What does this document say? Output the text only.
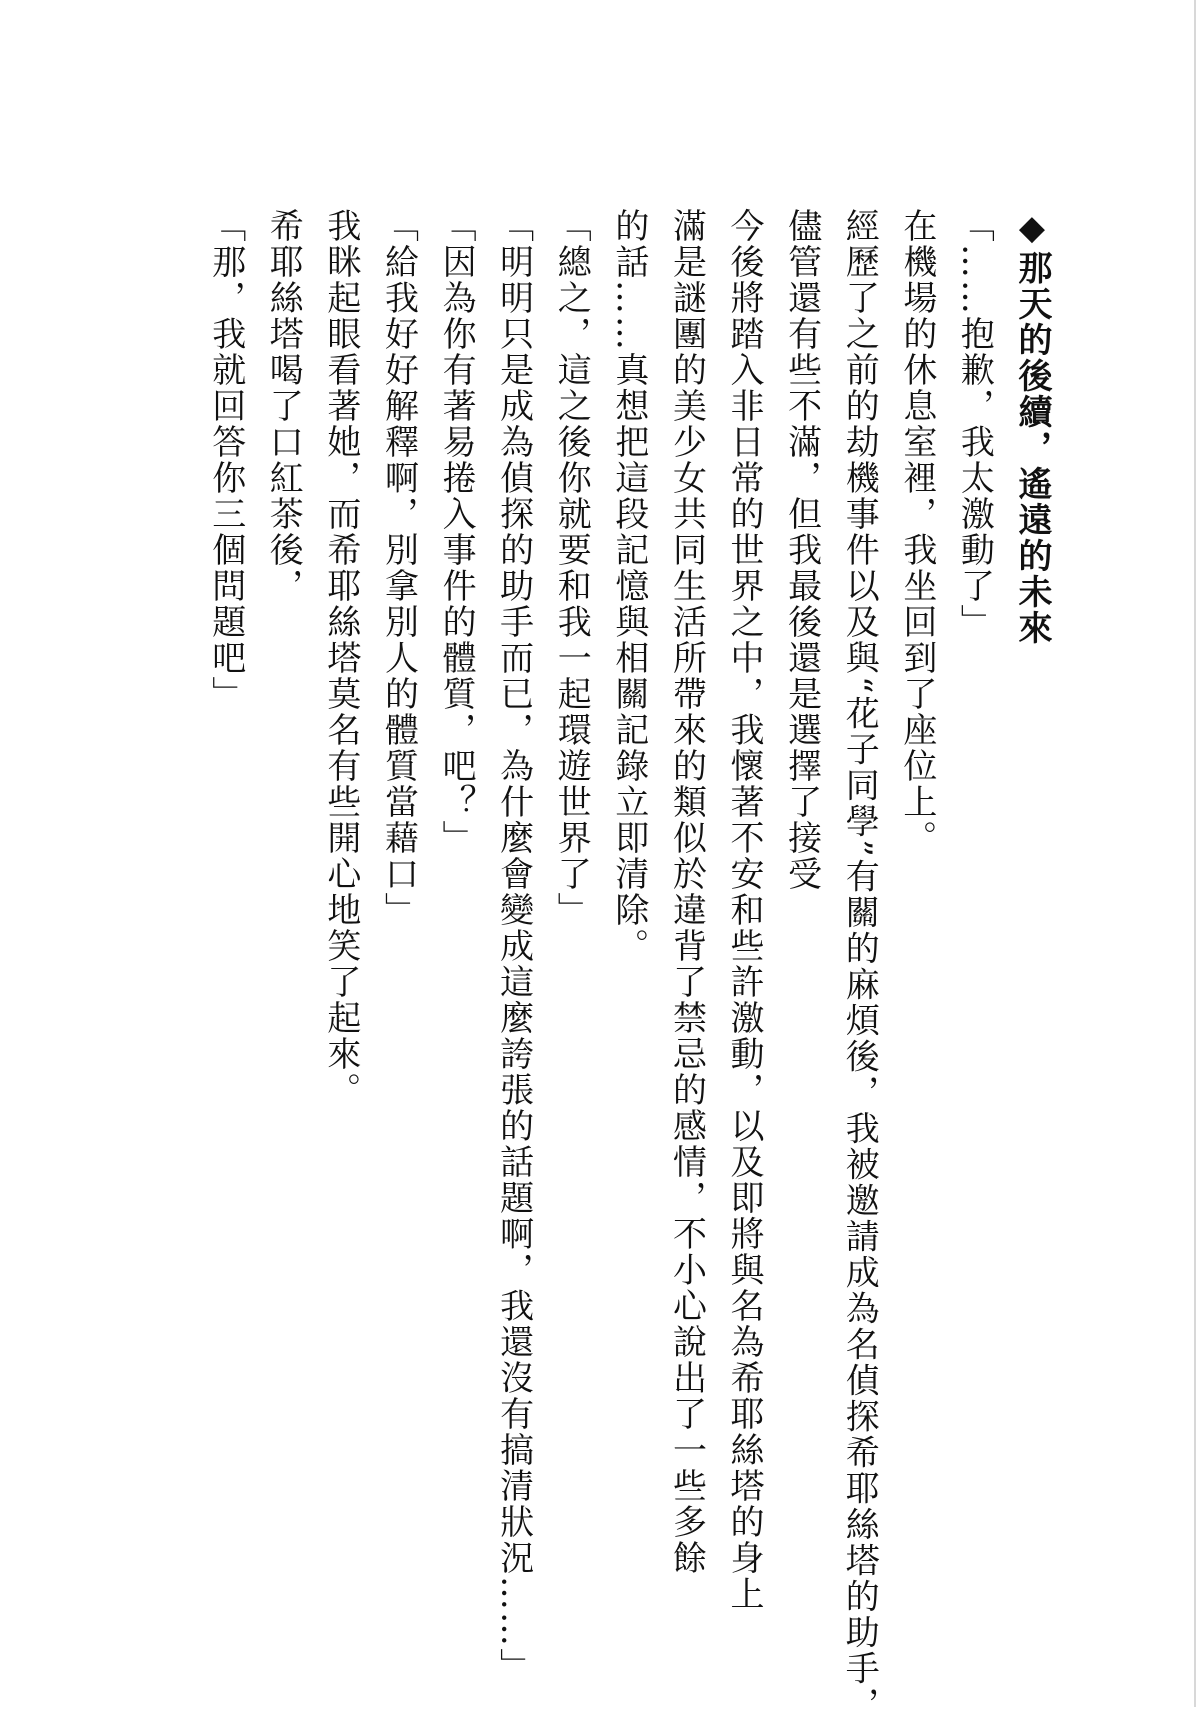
◆那天的後續，遙遠的未來

「……抱歉，我太激動了」

在機場的休息室裡，我坐回到了座位上。

經歷了之前的劫機事件以及與“花子同學”有關的麻煩後，我被邀請成為名偵探希耶絲塔的助手，

儘管還有些不滿，但我最後還是選擇了接受

今後將踏入非日常的世界之中，我懷著不安和些許激動，以及即將與名為希耶絲塔的身上

滿是謎團的美少女共同生活所帶來的類似於違背了禁忌的感情，不小心說出了一些多餘

的話……真想把這段記憶與相關記錄立即清除。

「總之，這之後你就要和我一起環遊世界了」

「明明只是成為偵探的助手而已，為什麼會變成這麼誇張的話題啊，我還沒有搞清狀況……」

「因為你有著易捲入事件的體質，吧？」

「給我好好解釋啊，別拿別人的體質當藉口」

我眯起眼看著她，而希耶絲塔莫名有些開心地笑了起來。

希耶絲塔喝了口紅茶後，

「那，我就回答你三個問題吧」
